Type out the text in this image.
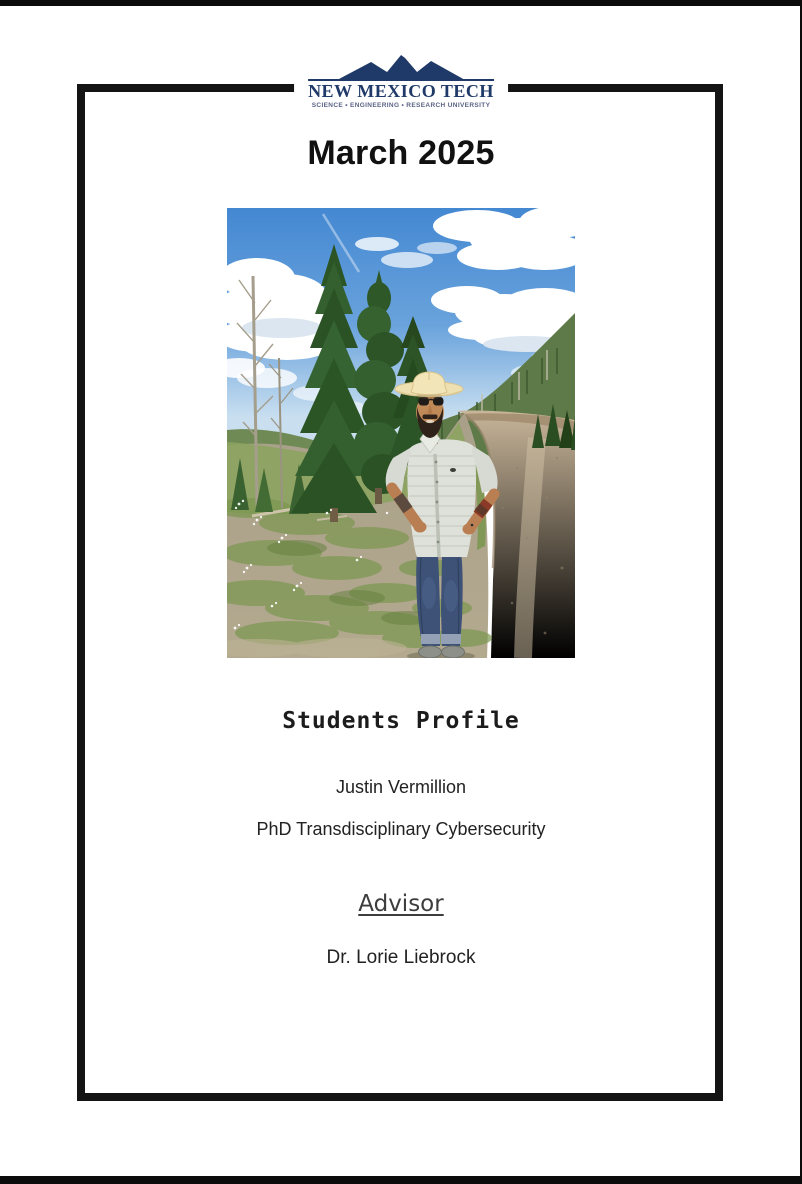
NEW MEXICO TECH
SCIENCE • ENGINEERING • RESEARCH UNIVERSITY
March 2025
Students Profile
Justin Vermillion
PhD Transdisciplinary Cybersecurity
Advisor
Dr. Lorie Liebrock
